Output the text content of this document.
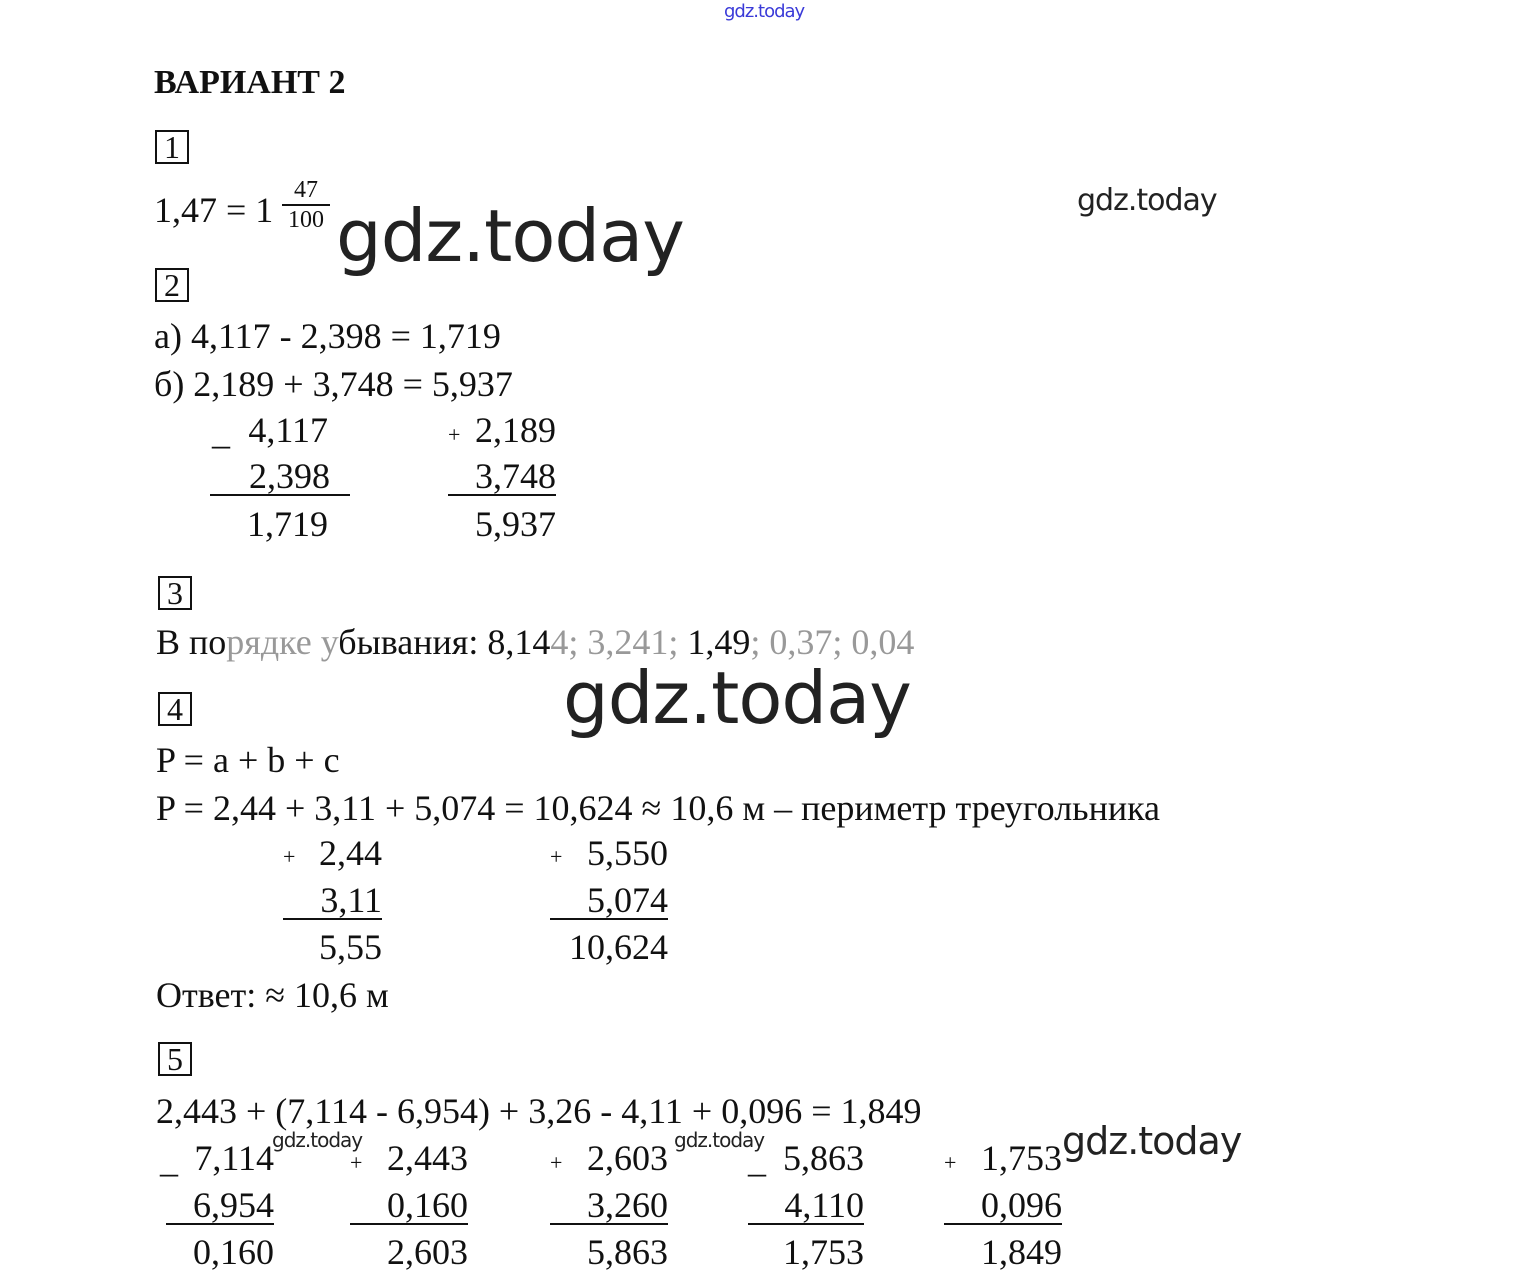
gdz.today
gdz.today
gdz.today
gdz.today
gdz.today	gdz.today	gdz.today
ВАРИАНТ 2
1
1,47 = 1 47
100
2
а) 4,117 - 2,398 = 1,719
б) 2,189 + 3,748 = 5,937
_ 4,117
2,398
1,719
+ 2,189
3,748
5,937
3
В порядке убывания: 8,144; 3,241; 1,49; 0,37; 0,04
4
P = a + b + c
P = 2,44 + 3,11 + 5,074 = 10,624 ≈ 10,6 м – периметр треугольника
+ 2,44
3,11
5,55
+ 5,550
5,074
10,624
Ответ: ≈ 10,6 м
5
2,443 + (7,114 - 6,954) + 3,26 - 4,11 + 0,096 = 1,849
_ 7,114
6,954
0,160
+ 2,443
0,160
2,603
+ 2,603
3,260
5,863
_ 5,863
4,110
1,753
+ 1,753
0,096
1,849
